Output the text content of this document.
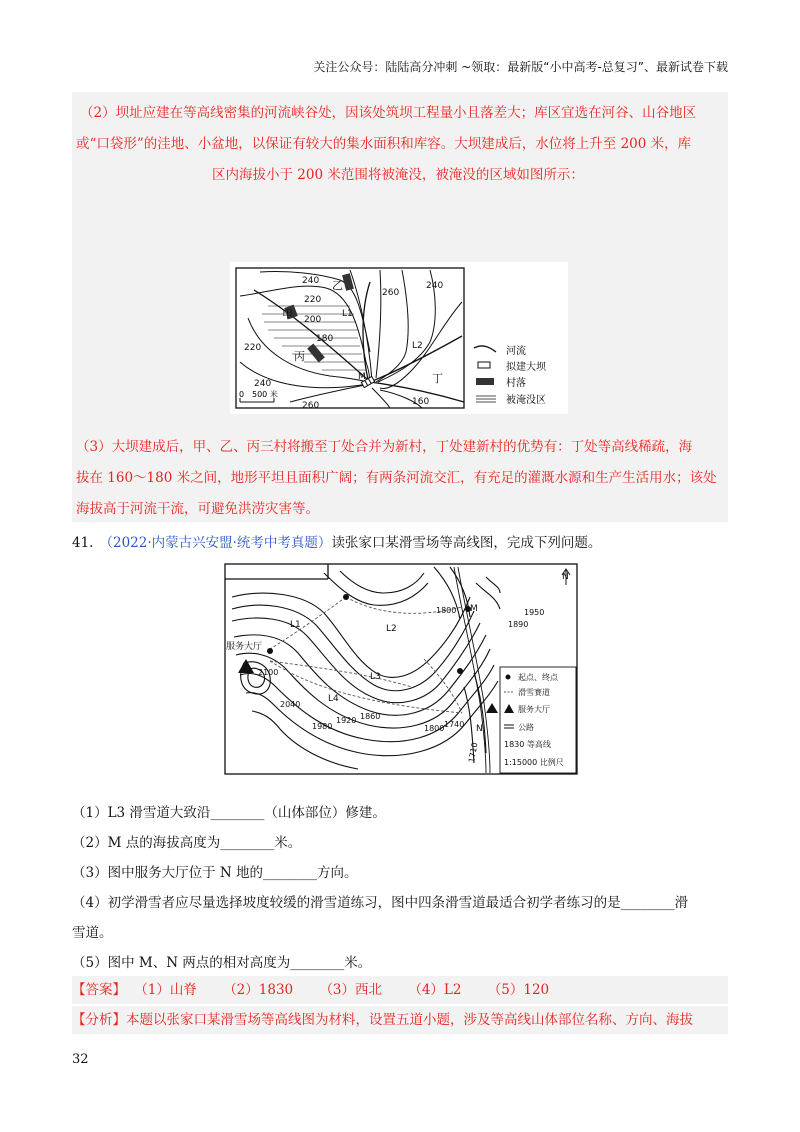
关注公众号：陆陆高分冲刺 ~领取：最新版“小中高考-总复习”、最新试卷下载
（2）坝址应建在等高线密集的河流峡谷处，因该处筑坝工程量小且落差大；库区宜选在河谷、山谷地区
或“口袋形”的洼地、小盆地，以保证有较大的集水面积和库容。大坝建成后，水位将上升至 200 米，库
区内海拔小于 200 米范围将被淹没，被淹没的区域如图所示：
240
220
200
180
220
240
260
260
240
160
乙
甲
丙
丁
M
L1
L2
0 500 米
河流
拟建大坝
村落
被淹没区
（3）大坝建成后，甲、乙、丙三村将搬至丁处合并为新村，丁处建新村的优势有：丁处等高线稀疏，海
拔在 160～180 米之间，地形平坦且面积广阔；有两条河流交汇，有充足的灌溉水源和生产生活用水；该处
海拔高于河流干流，可避免洪涝灾害等。
41. （2022·内蒙古兴安盟·统考中考真题）读张家口某滑雪场等高线图，完成下列问题。
服务大厅
L1	L2
L3
L4
M
N
N
2100
2040
1980
1920 1860
1800 1740
1800
1890
1950
1710
起点、终点
滑雪赛道
服务大厅
公路
1830 等高线
1:15000 比例尺
（1）L3 滑雪道大致沿________（山体部位）修建。
（2）M 点的海拔高度为________米。
（3）图中服务大厅位于 N 地的________方向。
（4）初学滑雪者应尽量选择坡度较缓的滑雪道练习，图中四条滑雪道最适合初学者练习的是________滑
雪道。
（5）图中 M、N 两点的相对高度为________米。
【答案】 （1）山脊 （2）1830 （3）西北 （4）L2 （5）120
【分析】本题以张家口某滑雪场等高线图为材料，设置五道小题，涉及等高线山体部位名称、方向、海拔
32
